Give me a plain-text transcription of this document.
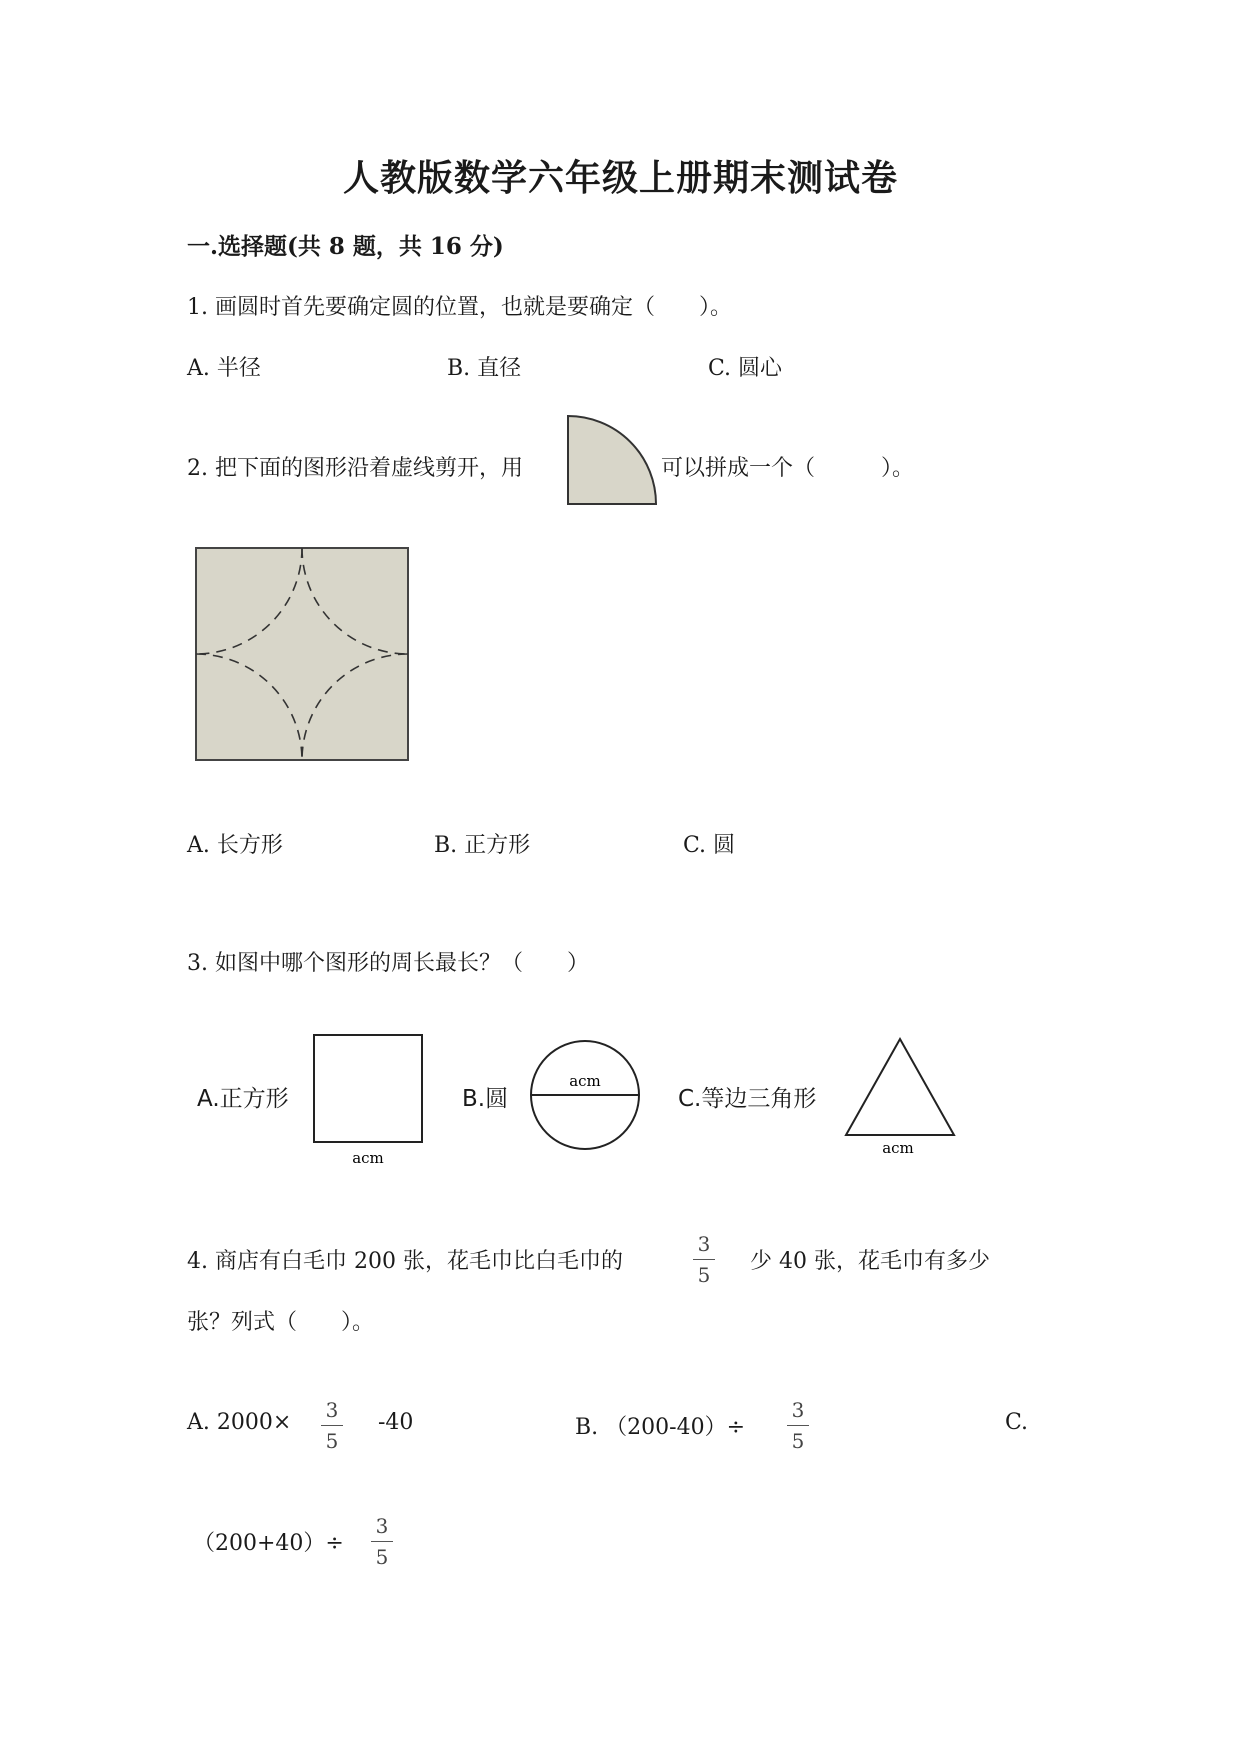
人教版数学六年级上册期末测试卷
一.选择题(共 8 题，共 16 分)
1. 画圆时首先要确定圆的位置，也就是要确定（　　）。
A. 半径	B. 直径	C. 圆心
2. 把下面的图形沿着虚线剪开，用	可以拼成一个（　　　）。
A. 长方形	B. 正方形	C. 圆
3. 如图中哪个图形的周长最长？（　　）
A.正方形
acm
B.圆
acm
C.等边三角形
acm
4. 商店有白毛巾 200 张，花毛巾比白毛巾的
3
5
少 40 张，花毛巾有多少
张？列式（　　）。
A. 2000×	3
5
-40	B. （200-40）÷
3
5
C.
（200+40）÷
3
5
